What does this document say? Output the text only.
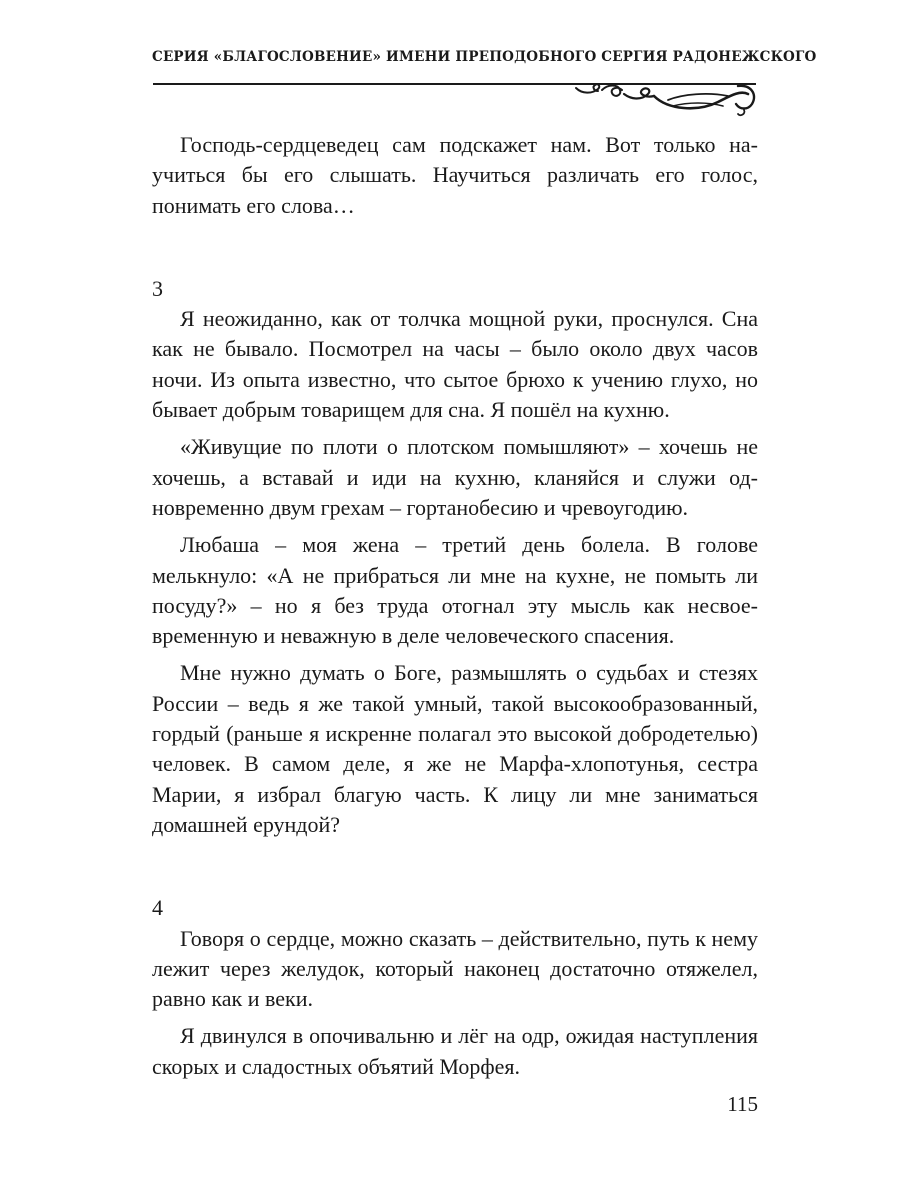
СЕРИЯ «БЛАГОСЛОВЕНИЕ» ИМЕНИ ПРЕПОДОБНОГО СЕРГИЯ РАДОНЕЖСКОГО

Господь-сердцеведец сам подскажет нам. Вот только научиться бы его слышать. Научиться различать его голос, понимать его слова…

3

Я неожиданно, как от толчка мощной руки, проснулся. Сна как не бывало. Посмотрел на часы – было около двух часов ночи. Из опыта известно, что сытое брюхо к учению глухо, но бывает добрым товарищем для сна. Я пошёл на кухню.

«Живущие по плоти о плотском помышляют» – хочешь не хочешь, а вставай и иди на кухню, кланяйся и служи одновременно двум грехам – гортанобесию и чревоугодию.

Любаша – моя жена – третий день болела. В голове мелькнуло: «А не прибраться ли мне на кухне, не помыть ли посуду?» – но я без труда отогнал эту мысль как несвоевременную и неважную в деле человеческого спасения.

Мне нужно думать о Боге, размышлять о судьбах и стезях России – ведь я же такой умный, такой высокообразованный, гордый (раньше я искренне полагал это высокой добродетелью) человек. В самом деле, я же не Марфа-хлопотунья, сестра Марии, я избрал благую часть. К лицу ли мне заниматься домашней ерундой?

4

Говоря о сердце, можно сказать – действительно, путь к нему лежит через желудок, который наконец достаточно отяжелел, равно как и веки.

Я двинулся в опочивальню и лёг на одр, ожидая наступления скорых и сладостных объятий Морфея.

115
